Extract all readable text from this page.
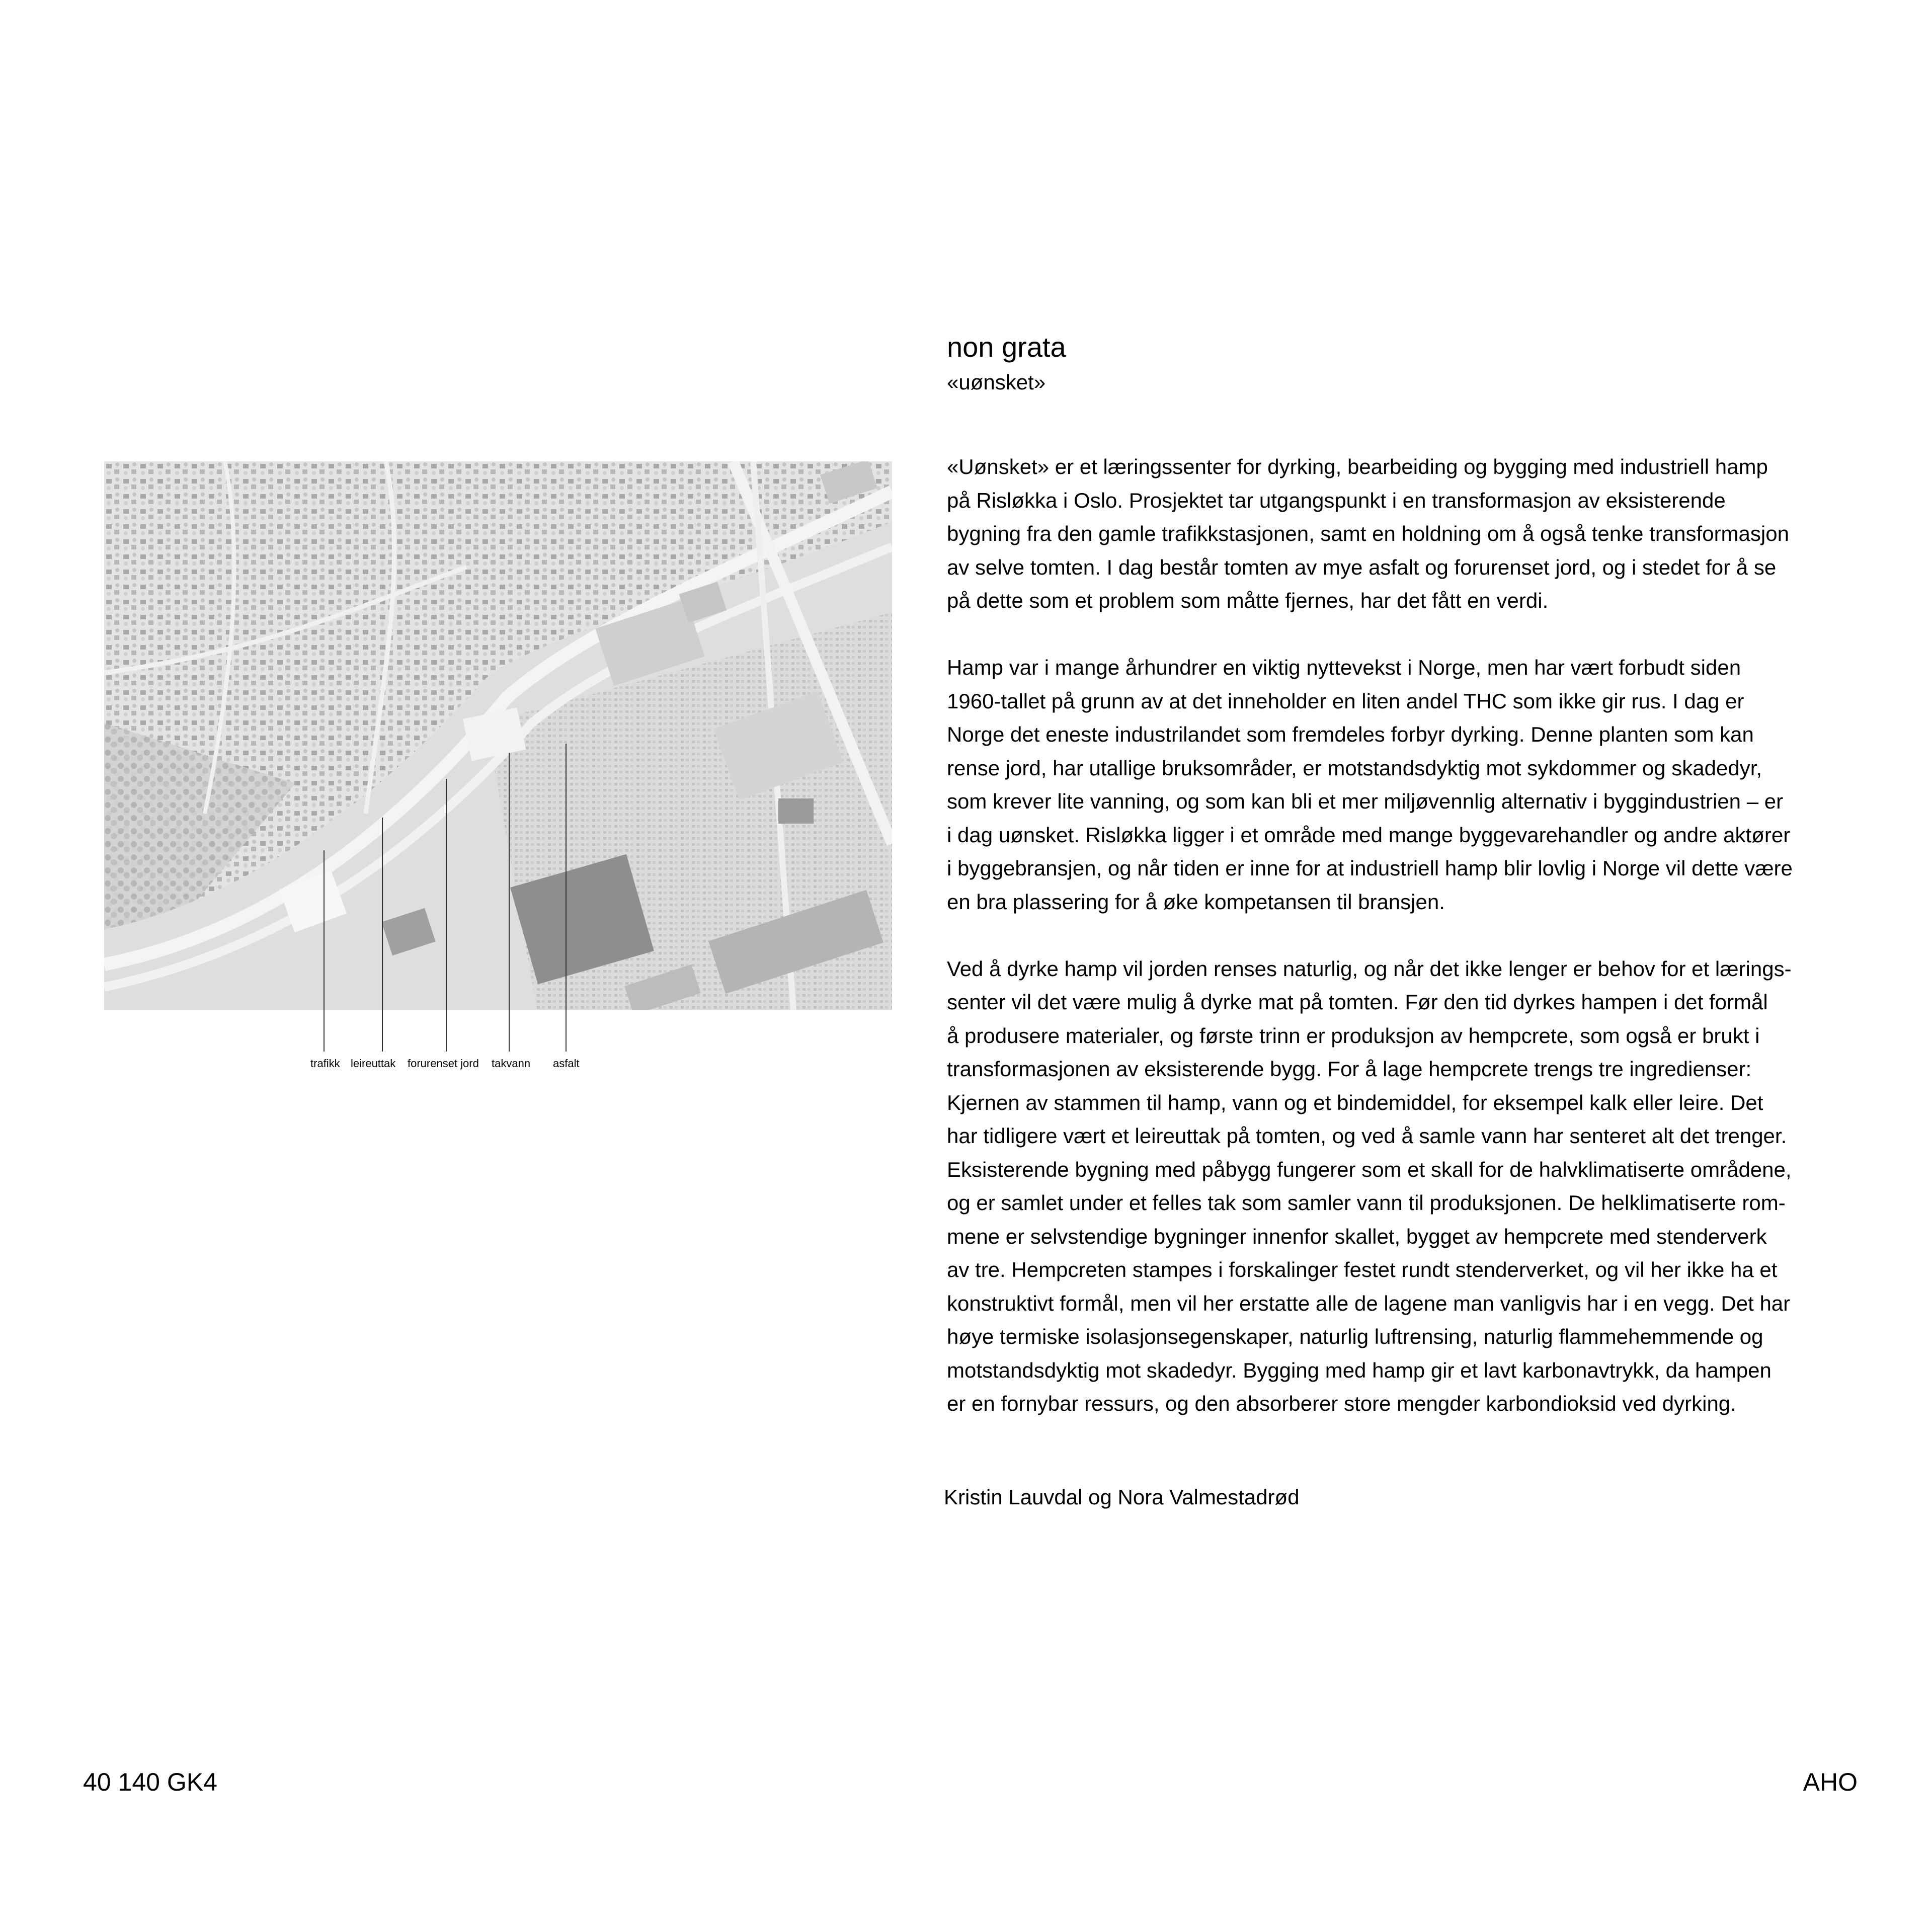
trafikk leireuttak forurenset jord takvann asfalt
non grata
«uønsket»

«Uønsket» er et læringssenter for dyrking, bearbeiding og bygging med industriell hamp
på Risløkka i Oslo. Prosjektet tar utgangspunkt i en transformasjon av eksisterende
bygning fra den gamle trafikkstasjonen, samt en holdning om å også tenke transformasjon
av selve tomten. I dag består tomten av mye asfalt og forurenset jord, og i stedet for å se
på dette som et problem som måtte fjernes, har det fått en verdi.

Hamp var i mange århundrer en viktig nyttevekst i Norge, men har vært forbudt siden
1960-tallet på grunn av at det inneholder en liten andel THC som ikke gir rus. I dag er
Norge det eneste industrilandet som fremdeles forbyr dyrking. Denne planten som kan
rense jord, har utallige bruksområder, er motstandsdyktig mot sykdommer og skadedyr,
som krever lite vanning, og som kan bli et mer miljøvennlig alternativ i byggindustrien – er
i dag uønsket. Risløkka ligger i et område med mange byggevarehandler og andre aktører
i byggebransjen, og når tiden er inne for at industriell hamp blir lovlig i Norge vil dette være
en bra plassering for å øke kompetansen til bransjen.

Ved å dyrke hamp vil jorden renses naturlig, og når det ikke lenger er behov for et lærings-
senter vil det være mulig å dyrke mat på tomten. Før den tid dyrkes hampen i det formål
å produsere materialer, og første trinn er produksjon av hempcrete, som også er brukt i
transformasjonen av eksisterende bygg. For å lage hempcrete trengs tre ingredienser:
Kjernen av stammen til hamp, vann og et bindemiddel, for eksempel kalk eller leire. Det
har tidligere vært et leireuttak på tomten, og ved å samle vann har senteret alt det trenger.
Eksisterende bygning med påbygg fungerer som et skall for de halvklimatiserte områdene,
og er samlet under et felles tak som samler vann til produksjonen. De helklimatiserte rom-
mene er selvstendige bygninger innenfor skallet, bygget av hempcrete med stenderverk
av tre. Hempcreten stampes i forskalinger festet rundt stenderverket, og vil her ikke ha et
konstruktivt formål, men vil her erstatte alle de lagene man vanligvis har i en vegg. Det har
høye termiske isolasjonsegenskaper, naturlig luftrensing, naturlig flammehemmende og
motstandsdyktig mot skadedyr. Bygging med hamp gir et lavt karbonavtrykk, da hampen
er en fornybar ressurs, og den absorberer store mengder karbondioksid ved dyrking.

Kristin Lauvdal og Nora Valmestadrød
40 140 GK4	AHO
